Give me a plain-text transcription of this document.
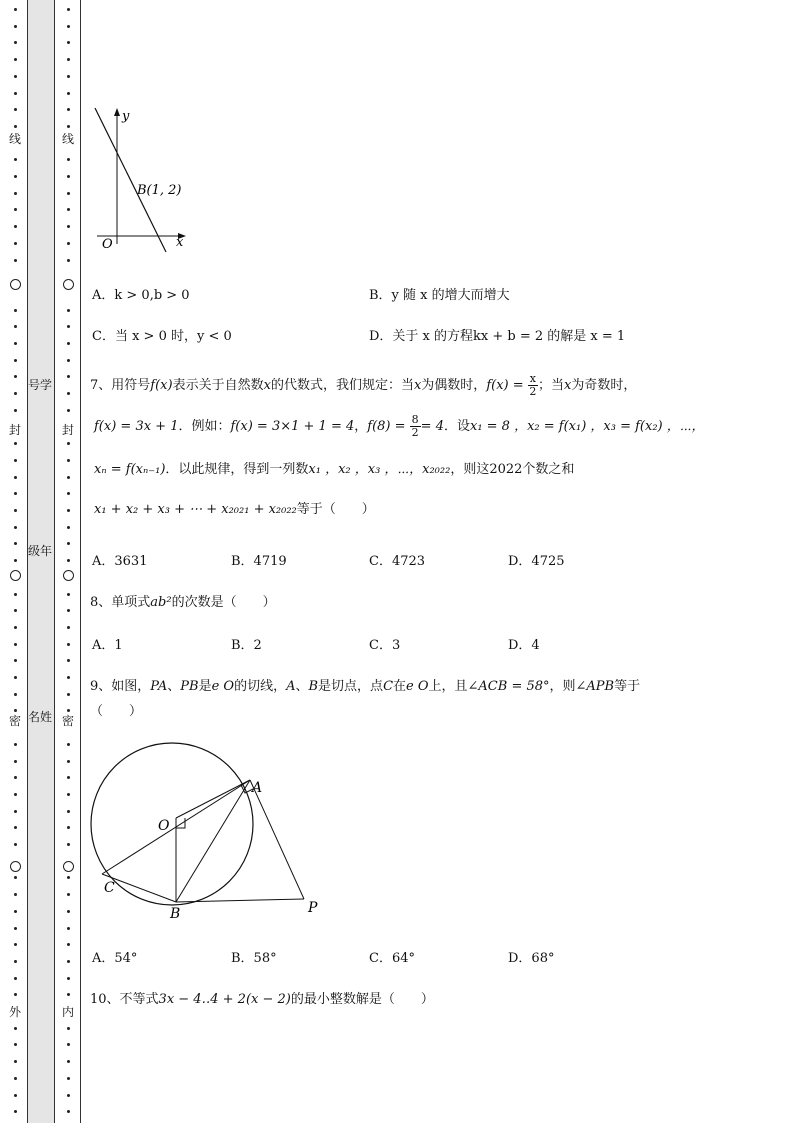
线
封
密
外
线
封
密
内
号学
级年
名姓
y
x
O
B(1, 2)
A．k > 0,b > 0	B．y 随 x 的增大而增大
C．当 x > 0 时，y < 0	D．关于 x 的方程kx + b = 2 的解是 x = 1
7、用符号f(x)表示关于自然数x的代数式，我们规定：当x为偶数时，$f(x) = \frac{x}{2}$ ；当x为奇数时，
f(x) = 3x + 1．例如：f(x) = 3×1 + 1 = 4，$f(8) = \frac{8}{2} = 4$．设x₁ = 8 ，x₂ = f(x₁) ，x₃ = f(x₂) ，⋯，
xₙ = f(xₙ₋₁)．以此规律，得到一列数x₁ ，x₂ ，x₃ ，⋯，x₂₀₂₂，则这2022个数之和
x₁ + x₂ + x₃ + ⋯ + x₂₀₂₁ + x₂₀₂₂等于（　　）
A．3631	B．4719	C．4723	D．4725
8、单项式ab²的次数是（　　）
A．1	B．2	C．3	D．4
9、如图，PA、PB是e O的切线，A、B是切点，点C在e O上，且∠ACB = 58°，则∠APB等于
（　　）
A
O
C
B	P
A．54°	B．58°	C．64°	D．68°
10、不等式3x − 4‥4 + 2(x − 2)的最小整数解是（　　）
